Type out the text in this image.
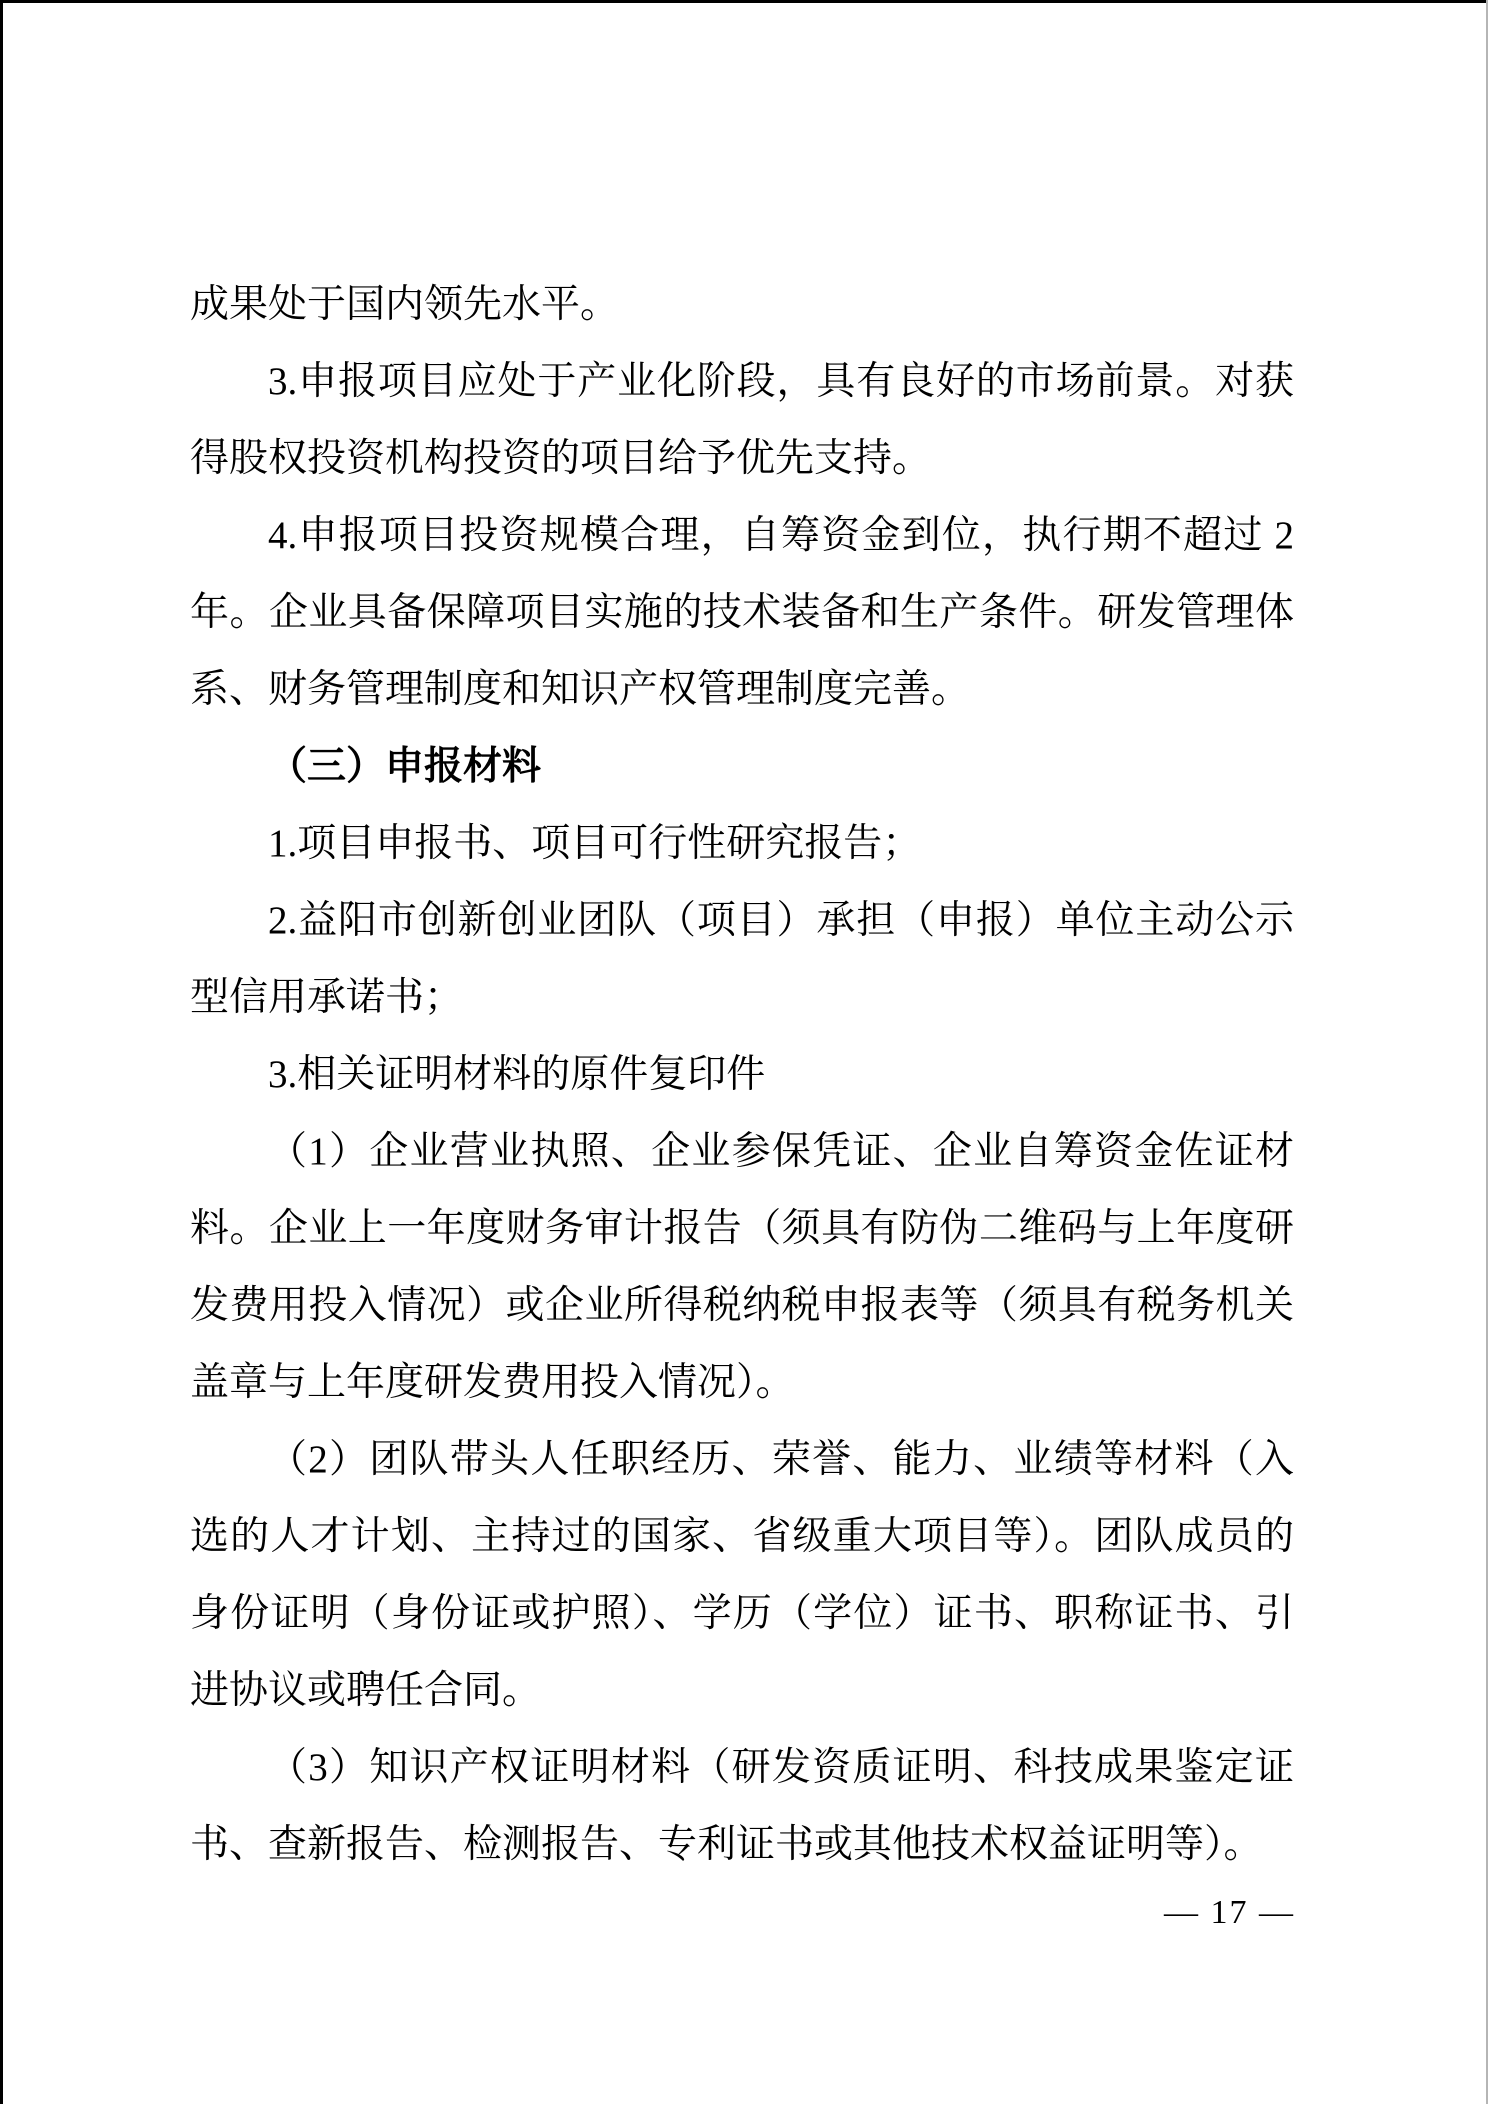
成果处于国内领先水平。

3.申报项目应处于产业化阶段，具有良好的市场前景。对获得股权投资机构投资的项目给予优先支持。

4.申报项目投资规模合理，自筹资金到位，执行期不超过 2 年。企业具备保障项目实施的技术装备和生产条件。研发管理体系、财务管理制度和知识产权管理制度完善。

（三）申报材料

1.项目申报书、项目可行性研究报告；

2.益阳市创新创业团队（项目）承担（申报）单位主动公示型信用承诺书；

3.相关证明材料的原件复印件

（1）企业营业执照、企业参保凭证、企业自筹资金佐证材料。企业上一年度财务审计报告（须具有防伪二维码与上年度研发费用投入情况）或企业所得税纳税申报表等（须具有税务机关盖章与上年度研发费用投入情况）。

（2）团队带头人任职经历、荣誉、能力、业绩等材料（入选的人才计划、主持过的国家、省级重大项目等）。团队成员的身份证明（身份证或护照）、学历（学位）证书、职称证书、引进协议或聘任合同。

（3）知识产权证明材料（研发资质证明、科技成果鉴定证书、查新报告、检测报告、专利证书或其他技术权益证明等）。

— 17 —
